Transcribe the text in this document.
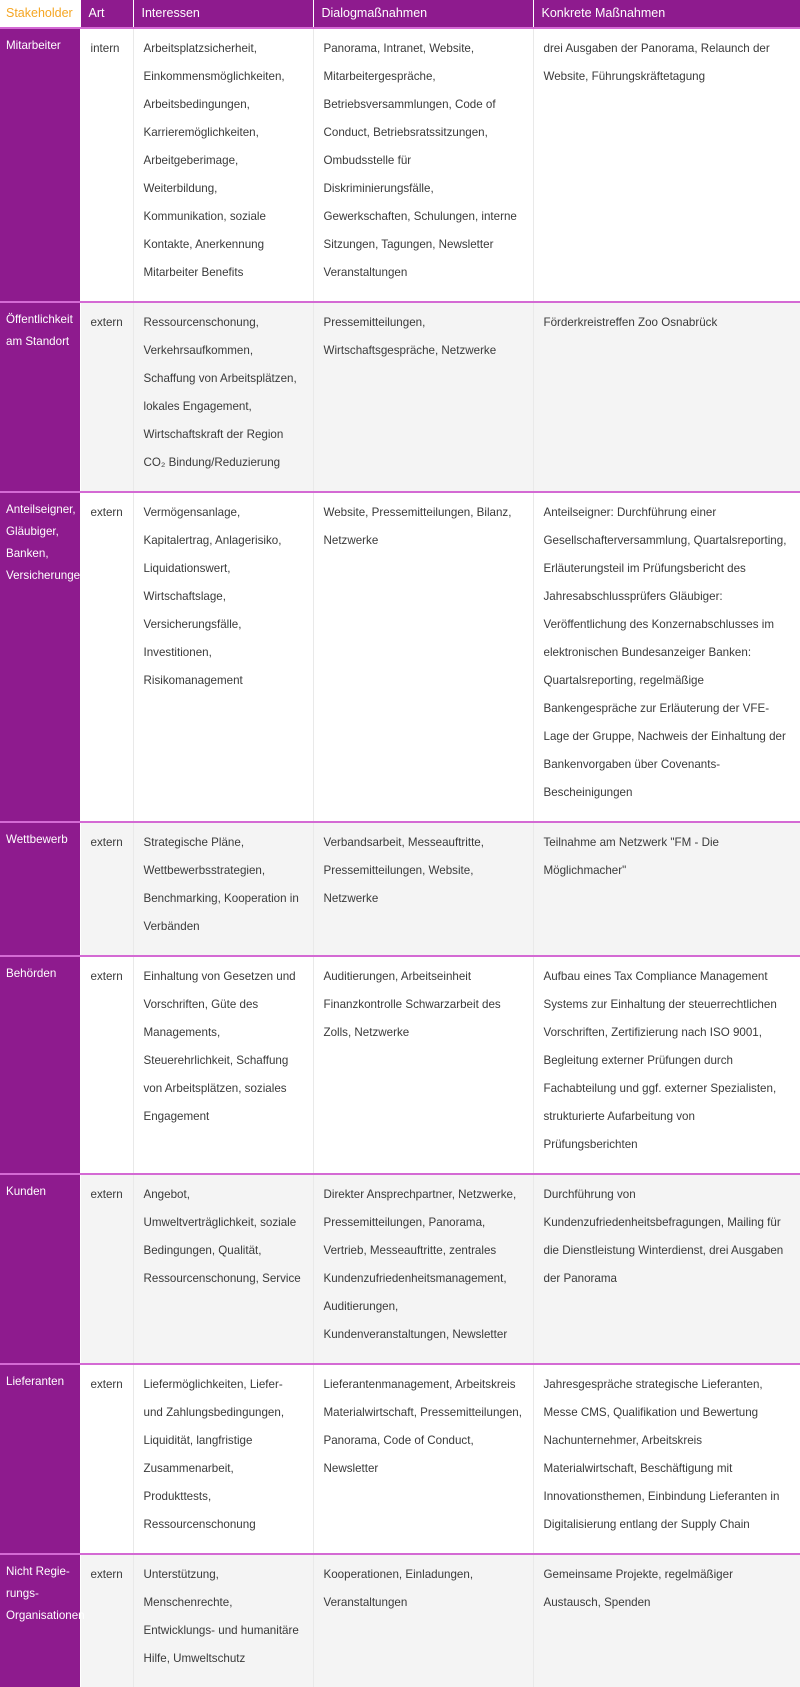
Stakeholder	Art	Interessen	Dialogmaßnahmen	Konkrete Maßnahmen
Mitarbeiter	intern	Arbeitsplatzsicherheit, Einkommensmöglichkeiten, Arbeitsbedingungen, Karrieremöglichkeiten, Arbeitgeberimage, Weiterbildung, Kommunikation, soziale Kontakte, Anerkennung Mitarbeiter Benefits	Panorama, Intranet, Website, Mitarbeitergespräche, Betriebsversammlungen, Code of Conduct, Betriebsratssitzungen, Ombudsstelle für Diskriminierungsfälle, Gewerkschaften, Schulungen, interne Sitzungen, Tagungen, Newsletter Veranstaltungen	drei Ausgaben der Panorama, Relaunch der Website, Führungskräftetagung
Öffentlichkeit am Standort	extern	Ressourcenschonung, Verkehrsaufkommen, Schaffung von Arbeitsplätzen, lokales Engagement, Wirtschaftskraft der Region CO₂ Bindung/Reduzierung	Pressemitteilungen, Wirtschaftsgespräche, Netzwerke	Förderkreistreffen Zoo Osnabrück
Anteilseigner, Gläubiger, Banken, Versicherungen	extern	Vermögensanlage, Kapitalertrag, Anlagerisiko, Liquidationswert, Wirtschaftslage, Versicherungsfälle, Investitionen, Risikomanagement	Website, Pressemitteilungen, Bilanz, Netzwerke	Anteilseigner: Durchführung einer Gesellschafterversammlung, Quartalsreporting, Erläuterungsteil im Prüfungsbericht des Jahresabschlussprüfers Gläubiger: Veröffentlichung des Konzernabschlusses im elektronischen Bundesanzeiger Banken: Quartalsreporting, regelmäßige Bankengespräche zur Erläuterung der VFE-Lage der Gruppe, Nachweis der Einhaltung der Bankenvorgaben über Covenants-Bescheinigungen
Wettbewerb	extern	Strategische Pläne, Wettbewerbsstrategien, Benchmarking, Kooperation in Verbänden	Verbandsarbeit, Messeauftritte, Pressemitteilungen, Website, Netzwerke	Teilnahme am Netzwerk "FM - Die Möglichmacher"
Behörden	extern	Einhaltung von Gesetzen und Vorschriften, Güte des Managements, Steuerehrlichkeit, Schaffung von Arbeitsplätzen, soziales Engagement	Auditierungen, Arbeitseinheit Finanzkontrolle Schwarzarbeit des Zolls, Netzwerke	Aufbau eines Tax Compliance Management Systems zur Einhaltung der steuerrechtlichen Vorschriften, Zertifizierung nach ISO 9001, Begleitung externer Prüfungen durch Fachabteilung und ggf. externer Spezialisten, strukturierte Aufarbeitung von Prüfungsberichten
Kunden	extern	Angebot, Umweltverträglichkeit, soziale Bedingungen, Qualität, Ressourcenschonung, Service	Direkter Ansprechpartner, Netzwerke, Pressemitteilungen, Panorama, Vertrieb, Messeauftritte, zentrales Kundenzufriedenheitsmanagement, Auditierungen, Kundenveranstaltungen, Newsletter	Durchführung von Kundenzufriedenheitsbefragungen, Mailing für die Dienstleistung Winterdienst, drei Ausgaben der Panorama
Lieferanten	extern	Liefermöglichkeiten, Liefer- und Zahlungsbedingungen, Liquidität, langfristige Zusammenarbeit, Produkttests, Ressourcenschonung	Lieferantenmanagement, Arbeitskreis Materialwirtschaft, Pressemitteilungen, Panorama, Code of Conduct, Newsletter	Jahresgespräche strategische Lieferanten, Messe CMS, Qualifikation und Bewertung Nachunternehmer, Arbeitskreis Materialwirtschaft, Beschäftigung mit Innovationsthemen, Einbindung Lieferanten in Digitalisierung entlang der Supply Chain
Nicht Regie-rungs-Organisationen	extern	Unterstützung, Menschenrechte, Entwicklungs- und humanitäre Hilfe, Umweltschutz	Kooperationen, Einladungen, Veranstaltungen	Gemeinsame Projekte, regelmäßiger Austausch, Spenden
